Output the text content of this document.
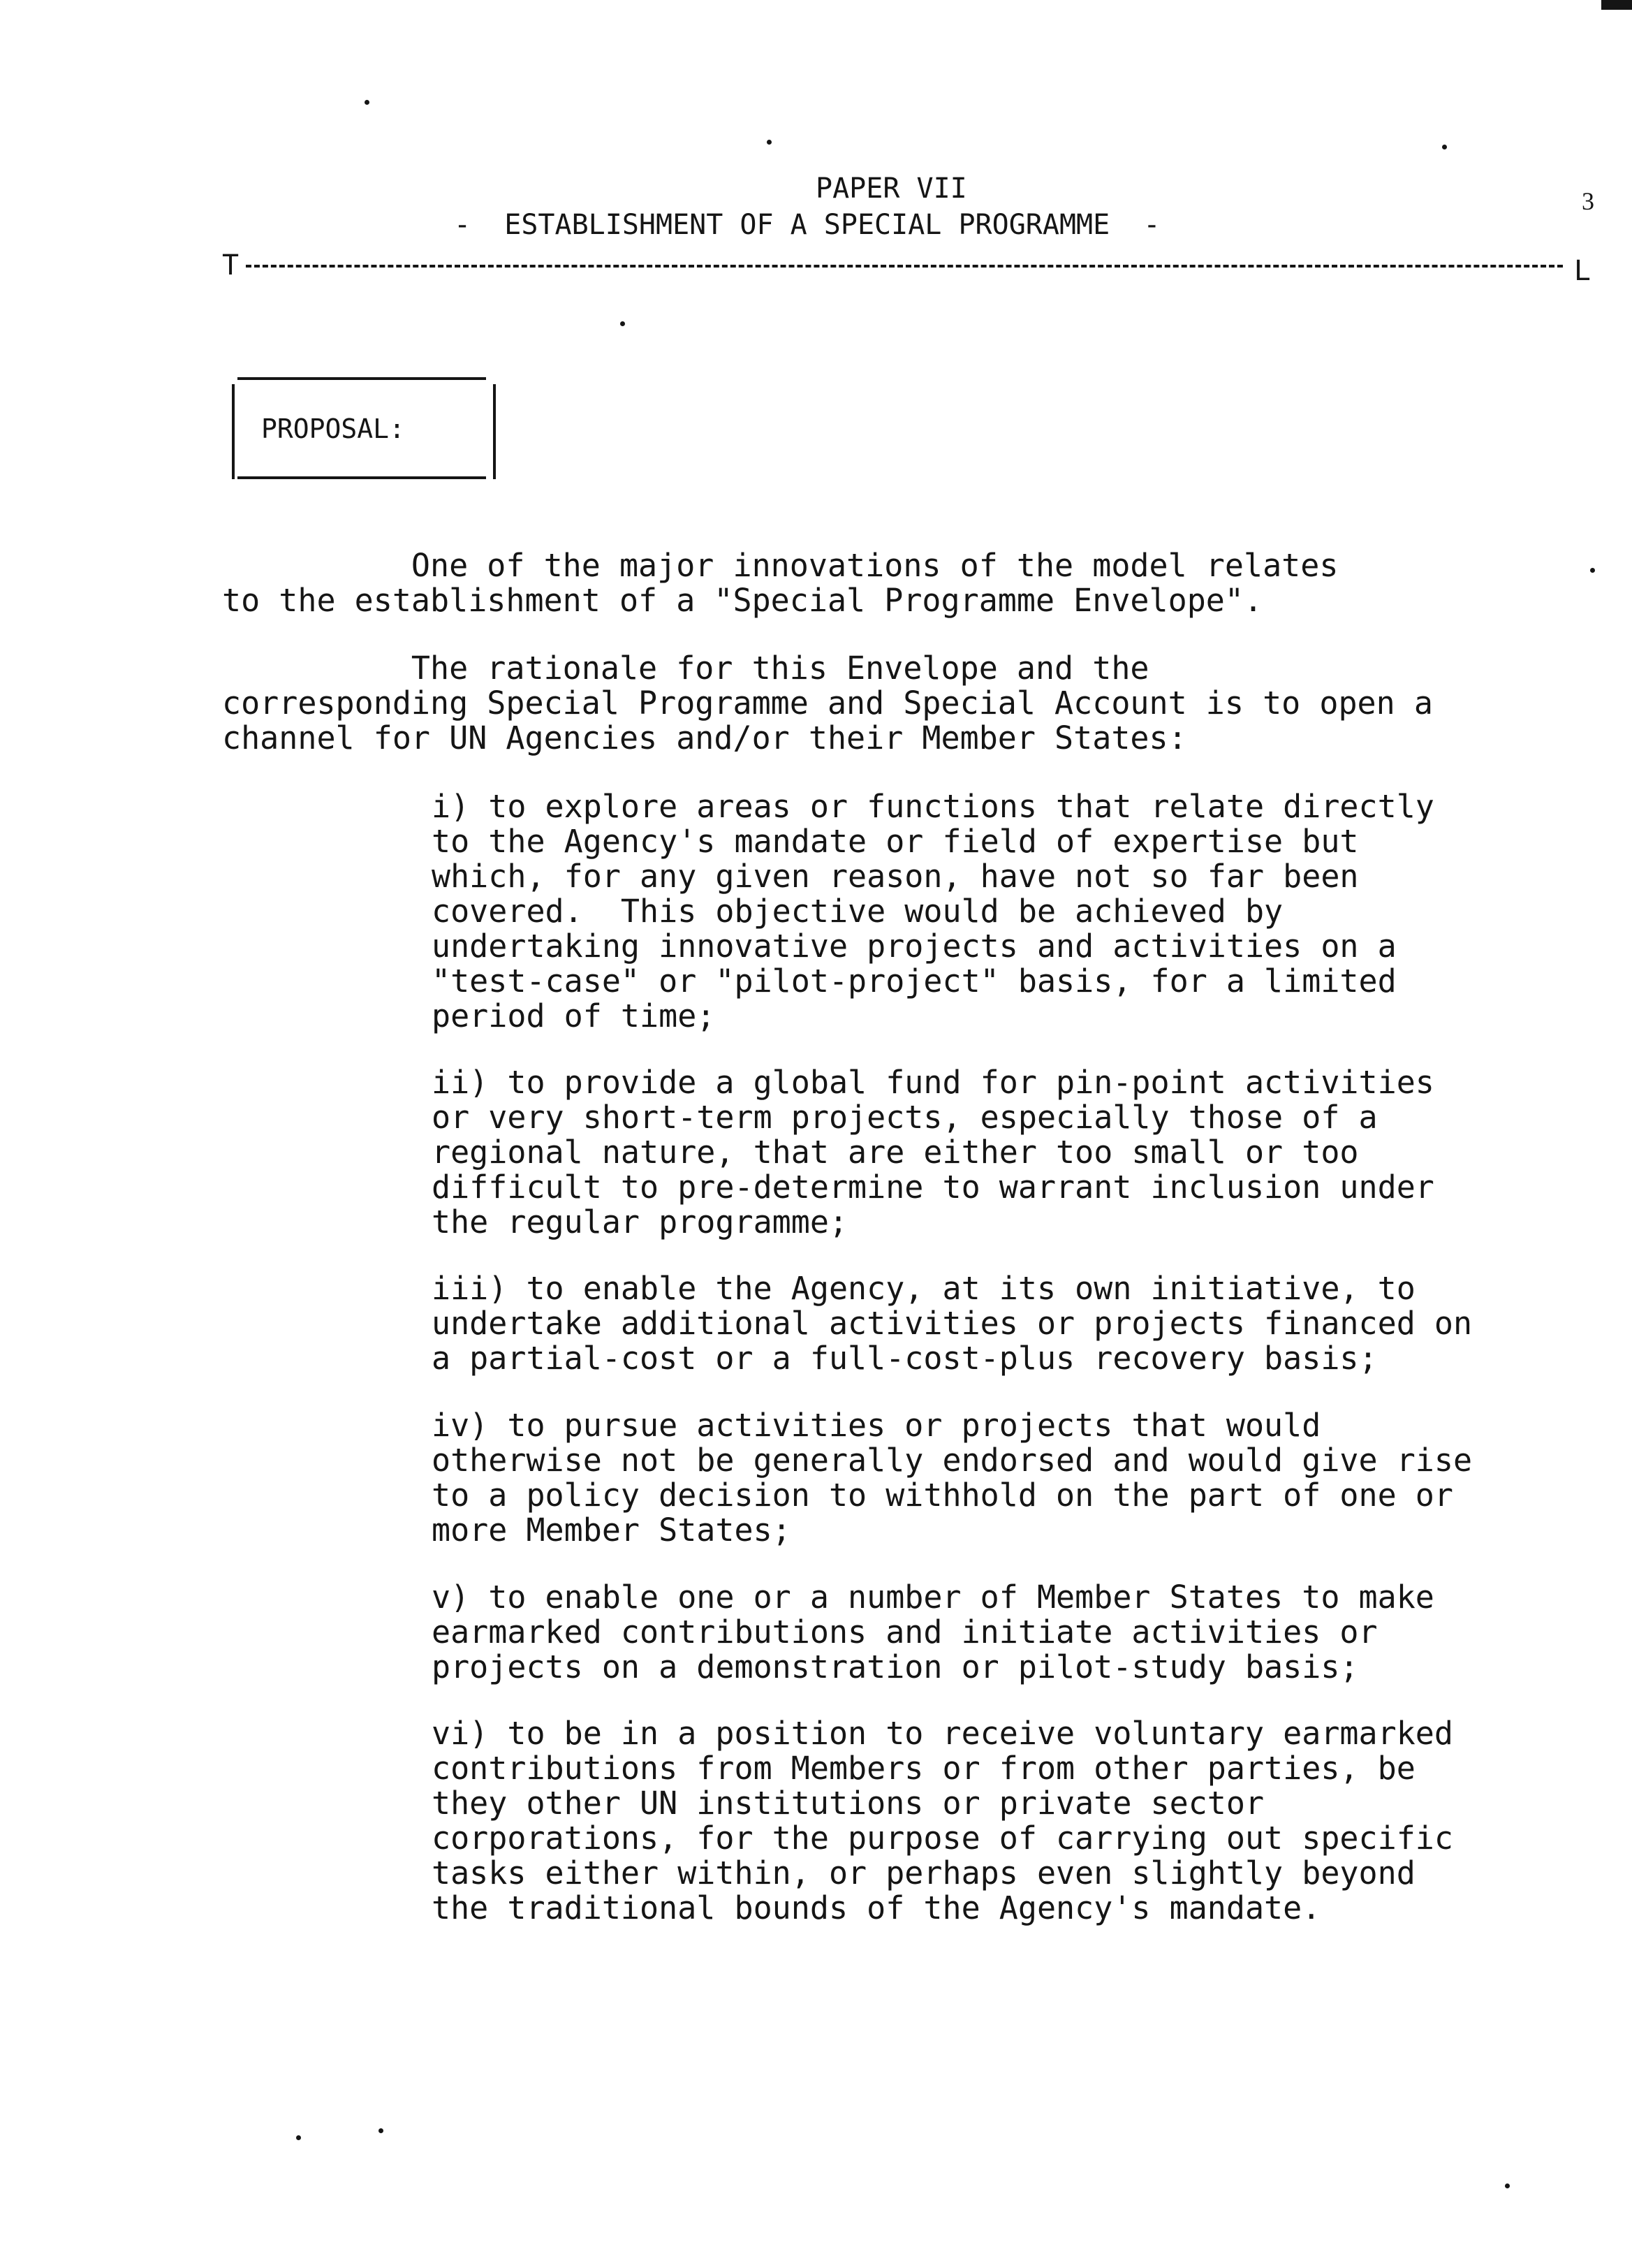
PAPER VII
-  ESTABLISHMENT OF A SPECIAL PROGRAMME  -
3
T	L
PROPOSAL:

One of the major innovations of the model relates
to the establishment of a "Special Programme Envelope".

The rationale for this Envelope and the
corresponding Special Programme and Special Account is to open a
channel for UN Agencies and/or their Member States:

i) to explore areas or functions that relate directly
to the Agency's mandate or field of expertise but
which, for any given reason, have not so far been
covered.  This objective would be achieved by
undertaking innovative projects and activities on a
"test-case" or "pilot-project" basis, for a limited
period of time;

ii) to provide a global fund for pin-point activities
or very short-term projects, especially those of a
regional nature, that are either too small or too
difficult to pre-determine to warrant inclusion under
the regular programme;

iii) to enable the Agency, at its own initiative, to
undertake additional activities or projects financed on
a partial-cost or a full-cost-plus recovery basis;

iv) to pursue activities or projects that would
otherwise not be generally endorsed and would give rise
to a policy decision to withhold on the part of one or
more Member States;

v) to enable one or a number of Member States to make
earmarked contributions and initiate activities or
projects on a demonstration or pilot-study basis;

vi) to be in a position to receive voluntary earmarked
contributions from Members or from other parties, be
they other UN institutions or private sector
corporations, for the purpose of carrying out specific
tasks either within, or perhaps even slightly beyond
the traditional bounds of the Agency's mandate.
